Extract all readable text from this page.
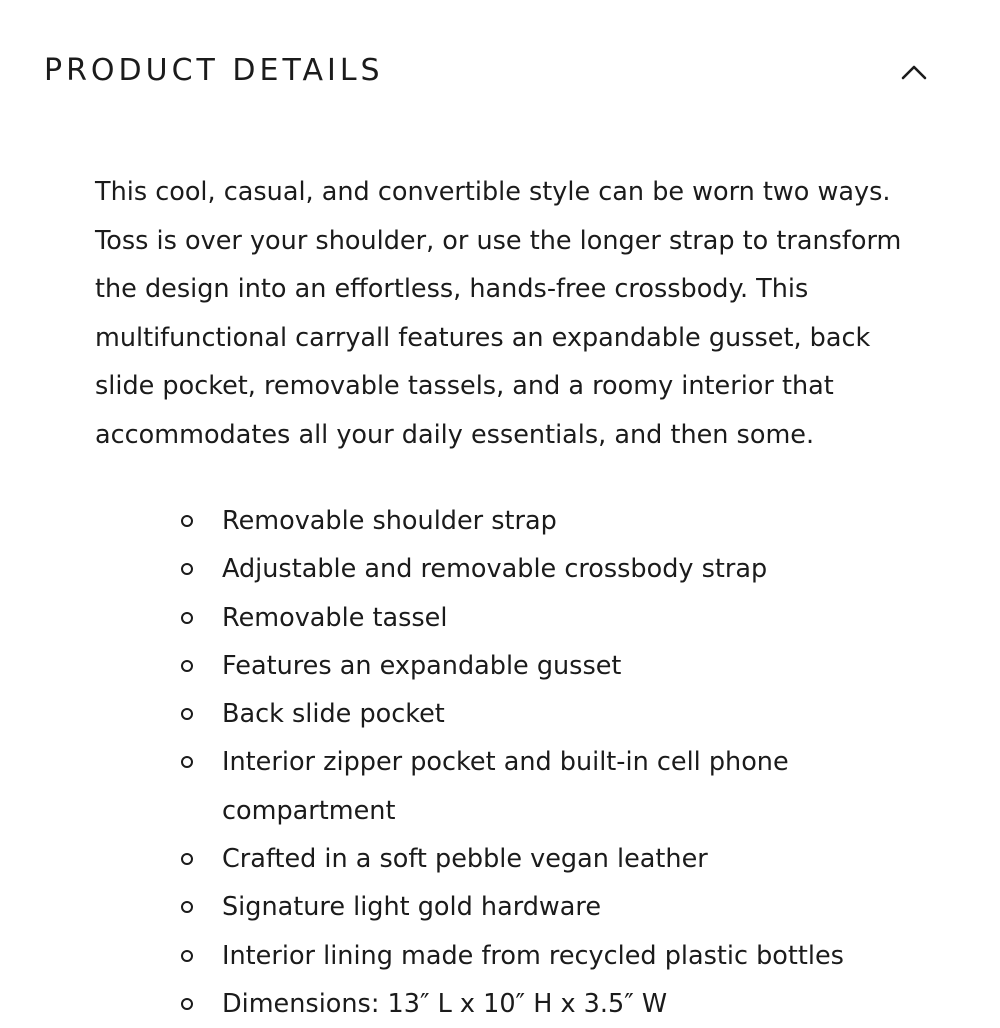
PRODUCT DETAILS

This cool, casual, and convertible style can be worn two ways. Toss is over your shoulder, or use the longer strap to transform the design into an effortless, hands-free crossbody. This multifunctional carryall features an expandable gusset, back slide pocket, removable tassels, and a roomy interior that accommodates all your daily essentials, and then some.

Removable shoulder strap
Adjustable and removable crossbody strap
Removable tassel
Features an expandable gusset
Back slide pocket
Interior zipper pocket and built-in cell phone compartment
Crafted in a soft pebble vegan leather
Signature light gold hardware
Interior lining made from recycled plastic bottles
Dimensions: 13″ L x 10″ H x 3.5″ W
